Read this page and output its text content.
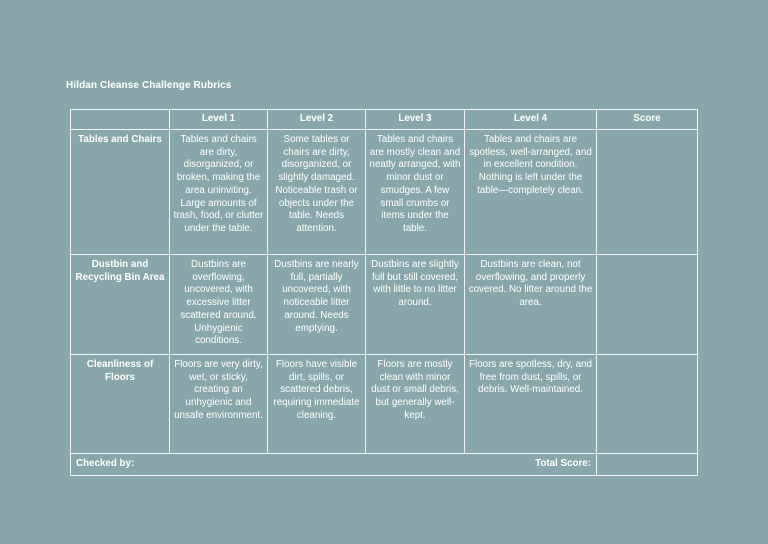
Hildan Cleanse Challenge Rubrics
	Level 1	Level 2	Level 3	Level 4	Score
Tables and Chairs	Tables and chairs are dirty, disorganized, or broken, making the area uninviting. Large amounts of trash, food, or clutter under the table.	Some tables or chairs are dirty, disorganized, or slightly damaged. Noticeable trash or objects under the table. Needs attention.	Tables and chairs are mostly clean and neatly arranged, with minor dust or smudges. A few small crumbs or items under the table.	Tables and chairs are spotless, well-arranged, and in excellent condition. Nothing is left under the table—completely clean.	
Dustbin and Recycling Bin Area	Dustbins are overflowing, uncovered, with excessive litter scattered around. Unhygienic conditions.	Dustbins are nearly full, partially uncovered, with noticeable litter around. Needs emptying.	Dustbins are slightly full but still covered, with little to no litter around.	Dustbins are clean, not overflowing, and properly covered. No litter around the area.	
Cleanliness of Floors	Floors are very dirty, wet, or sticky, creating an unhygienic and unsafe environment.	Floors have visible dirt, spills, or scattered debris, requiring immediate cleaning.	Floors are mostly clean with minor dust or small debris, but generally well-kept.	Floors are spotless, dry, and free from dust, spills, or debris. Well-maintained.	

Checked by: Total Score:					
